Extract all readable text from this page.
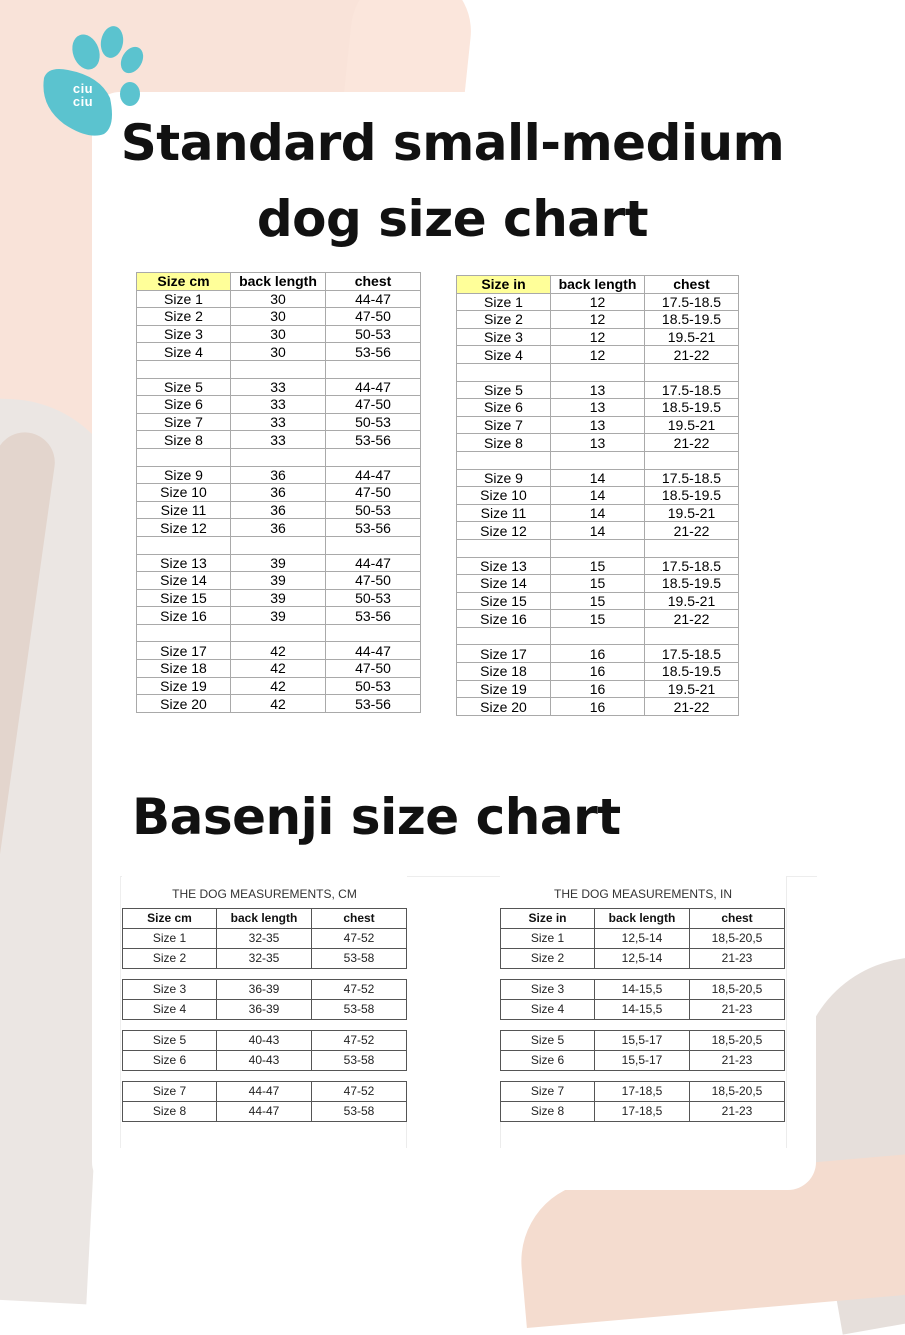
ciu ciu
Standard small-medium
dog size chart
Basenji size chart
Size cm	back length	chest
Size 1	30	44-47
Size 2	30	47-50
Size 3	30	50-53
Size 4	30	53-56

Size 5	33	44-47
Size 6	33	47-50
Size 7	33	50-53
Size 8	33	53-56

Size 9	36	44-47
Size 10	36	47-50
Size 11	36	50-53
Size 12	36	53-56

Size 13	39	44-47
Size 14	39	47-50
Size 15	39	50-53
Size 16	39	53-56

Size 17	42	44-47
Size 18	42	47-50
Size 19	42	50-53
Size 20	42	53-56
Size in	back length	chest
Size 1	12	17.5-18.5
Size 2	12	18.5-19.5
Size 3	12	19.5-21
Size 4	12	21-22

Size 5	13	17.5-18.5
Size 6	13	18.5-19.5
Size 7	13	19.5-21
Size 8	13	21-22

Size 9	14	17.5-18.5
Size 10	14	18.5-19.5
Size 11	14	19.5-21
Size 12	14	21-22

Size 13	15	17.5-18.5
Size 14	15	18.5-19.5
Size 15	15	19.5-21
Size 16	15	21-22

Size 17	16	17.5-18.5
Size 18	16	18.5-19.5
Size 19	16	19.5-21
Size 20	16	21-22
THE DOG MEASUREMENTS, CM
Size cm	back length	chest
Size 1	32-35	47-52
Size 2	32-35	53-58

Size 3	36-39	47-52
Size 4	36-39	53-58

Size 5	40-43	47-52
Size 6	40-43	53-58

Size 7	44-47	47-52
Size 8	44-47	53-58
THE DOG MEASUREMENTS, IN
Size in	back length	chest
Size 1	12,5-14	18,5-20,5
Size 2	12,5-14	21-23

Size 3	14-15,5	18,5-20,5
Size 4	14-15,5	21-23

Size 5	15,5-17	18,5-20,5
Size 6	15,5-17	21-23

Size 7	17-18,5	18,5-20,5
Size 8	17-18,5	21-23
